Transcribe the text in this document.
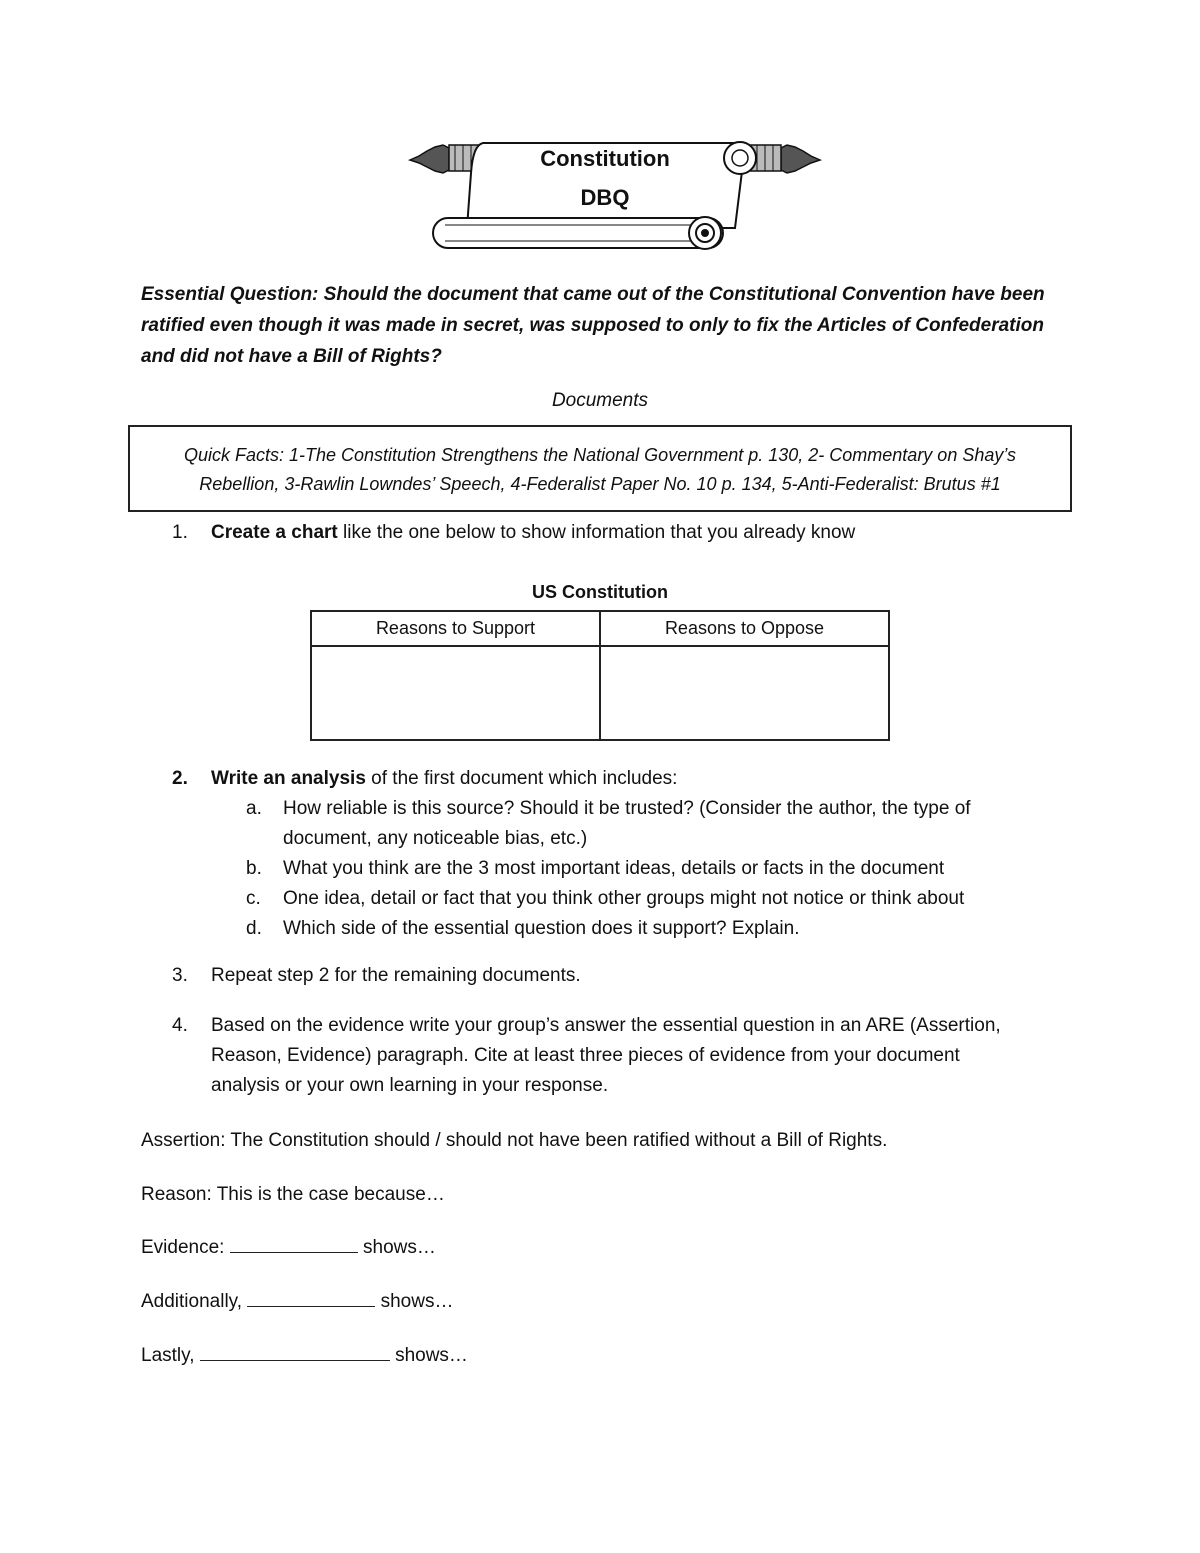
Constitution
DBQ

Essential Question: Should the document that came out of the Constitutional Convention have been ratified even though it was made in secret, was supposed to only to fix the Articles of Confederation and did not have a Bill of Rights?

Documents
Quick Facts: 1-The Constitution Strengthens the National Government p. 130, 2- Commentary on Shay’s
Rebellion, 3-Rawlin Lowndes’ Speech, 4-Federalist Paper No. 10 p. 134, 5-Anti-Federalist: Brutus #1
1. Create a chart like the one below to show information that you already know
US Constitution
Reasons to Support	Reasons to Oppose

2. Write an analysis of the first document which includes:
a. How reliable is this source? Should it be trusted? (Consider the author, the type of
document, any noticeable bias, etc.)
b. What you think are the 3 most important ideas, details or facts in the document
c. One idea, detail or fact that you think other groups might not notice or think about
d. Which side of the essential question does it support? Explain.
3. Repeat step 2 for the remaining documents.
4. Based on the evidence write your group’s answer the essential question in an ARE (Assertion,
Reason, Evidence) paragraph. Cite at least three pieces of evidence from your document
analysis or your own learning in your response.
Assertion: The Constitution should / should not have been ratified without a Bill of Rights.
Reason: This is the case because…
Evidence:	shows…
Additionally,	shows…
Lastly,	shows…
